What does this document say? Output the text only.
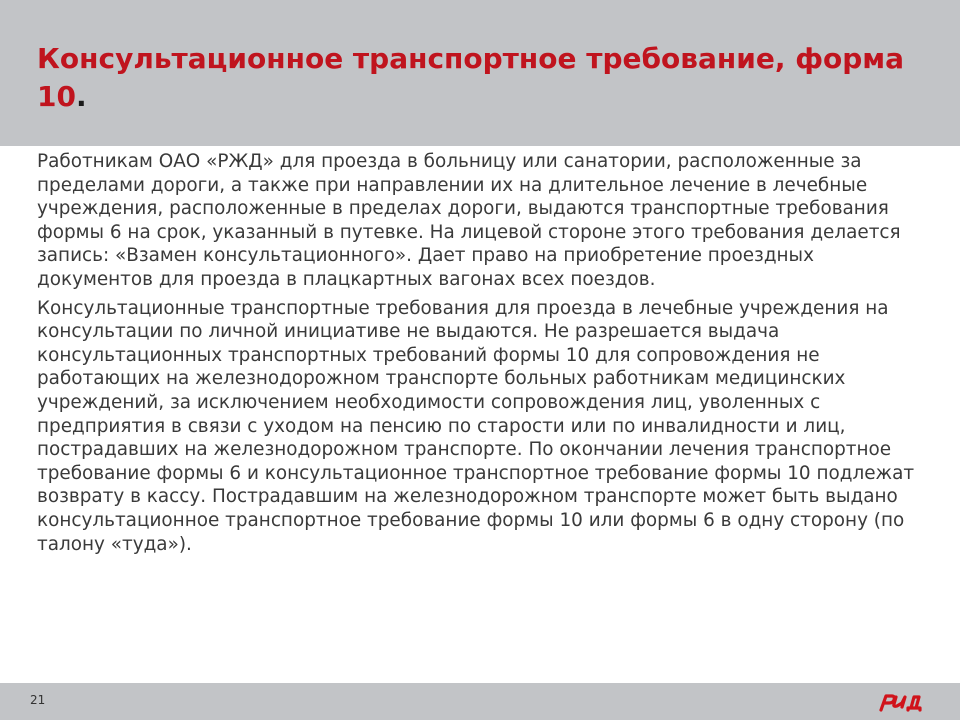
Консультационное транспортное требование, форма 10.

Работникам ОАО «РЖД» для проезда в больницу или санатории, расположенные за пределами дороги, а также при направлении их на длительное лечение в лечебные учреждения, расположенные в пределах дороги, выдаются транспортные требования формы 6 на срок, указанный в путевке. На лицевой стороне этого требования делается запись: «Взамен консультационного». Дает право на приобретение проездных документов для проезда в плацкартных вагонах всех поездов.

Консультационные транспортные требования для проезда в лечебные учреждения на консультации по личной инициативе не выдаются. Не разрешается выдача консультационных транспортных требований формы 10 для сопровождения не работающих на железнодорожном транспорте больных работникам медицинских учреждений, за исключением необходимости сопровождения лиц, уволенных с предприятия в связи с уходом на пенсию по старости или по инвалидности и лиц, пострадавших на железнодорожном транспорте. По окончании лечения транспортное требование формы 6 и консультационное транспортное требование формы 10 подлежат возврату в кассу. Пострадавшим на железнодорожном транспорте может быть выдано консультационное транспортное требование формы 10 или формы 6 в одну сторону (по талону «туда»).

21
